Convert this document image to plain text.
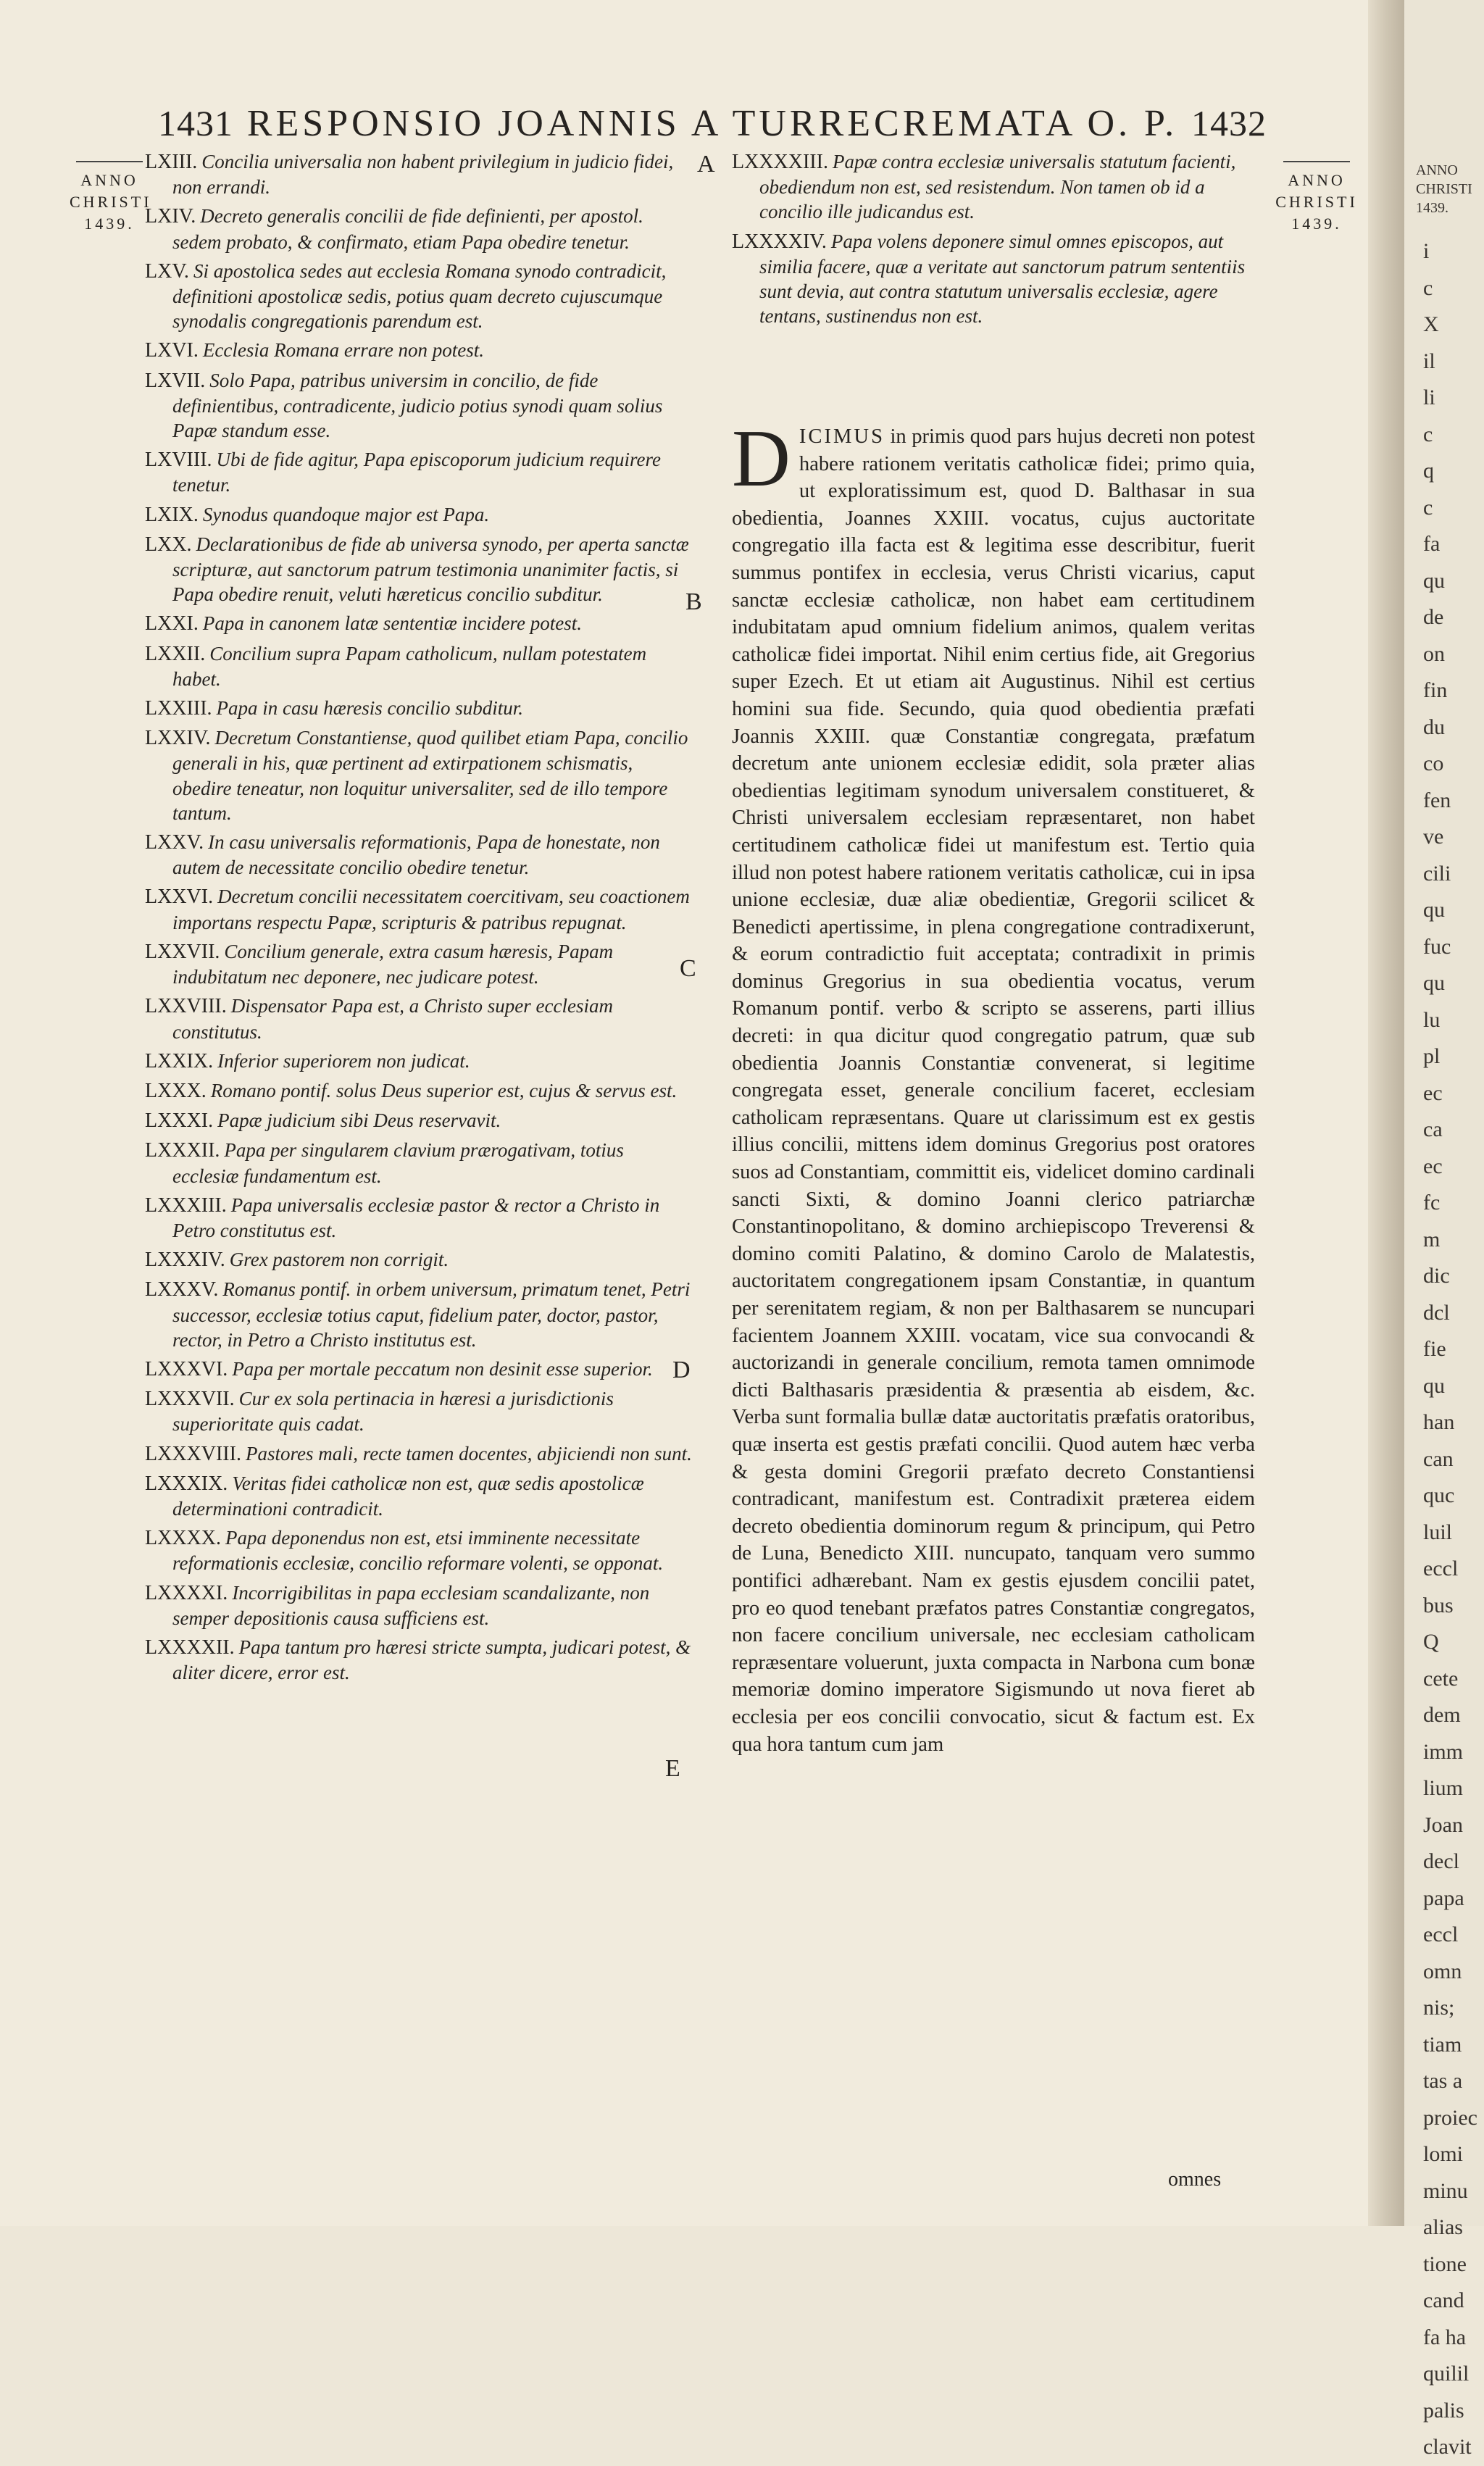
1431 RESPONSIO JOANNIS A TURRECREMATA O. P. 1432
ANNO
CHRISTI
1439.
ANNO
CHRISTI
1439.
A
B
C
D
E
LXIII. Concilia universalia non habent privilegium in judicio fidei, non errandi.
LXIV. Decreto generalis concilii de fide definienti, per apostol. sedem probato, & confirmato, etiam Papa obedire tenetur.
LXV. Si apostolica sedes aut ecclesia Romana synodo contradicit, definitioni apostolicæ sedis, potius quam decreto cujuscumque synodalis congregationis parendum est.
LXVI. Ecclesia Romana errare non potest.
LXVII. Solo Papa, patribus universim in concilio, de fide definientibus, contradicente, judicio potius synodi quam solius Papæ standum esse.
LXVIII. Ubi de fide agitur, Papa episcoporum judicium requirere tenetur.
LXIX. Synodus quandoque major est Papa.
LXX. Declarationibus de fide ab universa synodo, per aperta sanctæ scripturæ, aut sanctorum patrum testimonia unanimiter factis, si Papa obedire renuit, veluti hæreticus concilio subditur.
LXXI. Papa in canonem latæ sententiæ incidere potest.
LXXII. Concilium supra Papam catholicum, nullam potestatem habet.
LXXIII. Papa in casu hæresis concilio subditur.
LXXIV. Decretum Constantiense, quod quilibet etiam Papa, concilio generali in his, quæ pertinent ad extirpationem schismatis, obedire teneatur, non loquitur universaliter, sed de illo tempore tantum.
LXXV. In casu universalis reformationis, Papa de honestate, non autem de necessitate concilio obedire tenetur.
LXXVI. Decretum concilii necessitatem coercitivam, seu coactionem importans respectu Papæ, scripturis & patribus repugnat.
LXXVII. Concilium generale, extra casum hæresis, Papam indubitatum nec deponere, nec judicare potest.
LXXVIII. Dispensator Papa est, a Christo super ecclesiam constitutus.
LXXIX. Inferior superiorem non judicat.
LXXX. Romano pontif. solus Deus superior est, cujus & servus est.
LXXXI. Papæ judicium sibi Deus reservavit.
LXXXII. Papa per singularem clavium prærogativam, totius ecclesiæ fundamentum est.
LXXXIII. Papa universalis ecclesiæ pastor & rector a Christo in Petro constitutus est.
LXXXIV. Grex pastorem non corrigit.
LXXXV. Romanus pontif. in orbem universum, primatum tenet, Petri successor, ecclesiæ totius caput, fidelium pater, doctor, pastor, rector, in Petro a Christo institutus est.
LXXXVI. Papa per mortale peccatum non desinit esse superior.
LXXXVII. Cur ex sola pertinacia in hæresi a jurisdictionis superioritate quis cadat.
LXXXVIII. Pastores mali, recte tamen docentes, abjiciendi non sunt.
LXXXIX. Veritas fidei catholicæ non est, quæ sedis apostolicæ determinationi contradicit.
LXXXX. Papa deponendus non est, etsi imminente necessitate reformationis ecclesiæ, concilio reformare volenti, se opponat.
LXXXXI. Incorrigibilitas in papa ecclesiam scandalizante, non semper depositionis causa sufficiens est.
LXXXXII. Papa tantum pro hæresi stricte sumpta, judicari potest, & aliter dicere, error est.
LXXXXIII. Papæ contra ecclesiæ universalis statutum facienti, obediendum non est, sed resistendum. Non tamen ob id a concilio ille judicandus est.
LXXXXIV. Papa volens deponere simul omnes episcopos, aut similia facere, quæ a veritate aut sanctorum patrum sententiis sunt devia, aut contra statutum universalis ecclesiæ, agere tentans, sustinendus non est.

DICIMUS in primis quod pars hujus decreti non potest habere rationem veritatis catholicæ fidei; primo quia, ut exploratissimum est, quod D. Balthasar in sua obedientia, Joannes XXIII. vocatus, cujus auctoritate congregatio illa facta est & legitima esse describitur, fuerit summus pontifex in ecclesia, verus Christi vicarius, caput sanctæ ecclesiæ catholicæ, non habet eam certitudinem indubitatam apud omnium fidelium animos, qualem veritas catholicæ fidei importat. Nihil enim certius fide, ait Gregorius super Ezech. Et ut etiam ait Augustinus. Nihil est certius homini sua fide. Secundo, quia quod obedientia præfati Joannis XXIII. quæ Constantiæ congregata, præfatum decretum ante unionem ecclesiæ edidit, sola præter alias obedientias legitimam synodum universalem constitueret, & Christi universalem ecclesiam repræsentaret, non habet certitudinem catholicæ fidei ut manifestum est. Tertio quia illud non potest habere rationem veritatis catholicæ, cui in ipsa unione ecclesiæ, duæ aliæ obedientiæ, Gregorii scilicet & Benedicti apertissime, in plena congregatione contradixerunt, & eorum contradictio fuit acceptata; contradixit in primis dominus Gregorius in sua obedientia vocatus, verum Romanum pontif. verbo & scripto se asserens, parti illius decreti: in qua dicitur quod congregatio patrum, quæ sub obedientia Joannis Constantiæ convenerat, si legitime congregata esset, generale concilium faceret, ecclesiam catholicam repræsentans. Quare ut clarissimum est ex gestis illius concilii, mittens idem dominus Gregorius post oratores suos ad Constantiam, committit eis, videlicet domino cardinali sancti Sixti, & domino Joanni clerico patriarchæ Constantinopolitano, & domino archiepiscopo Treverensi & domino comiti Palatino, & domino Carolo de Malatestis, auctoritatem congregationem ipsam Constantiæ, in quantum per serenitatem regiam, & non per Balthasarem se nuncupari facientem Joannem XXIII. vocatam, vice sua convocandi & auctorizandi in generale concilium, remota tamen omnimode dicti Balthasaris præsidentia & præsentia ab eisdem, &c. Verba sunt formalia bullæ datæ auctoritatis præfatis oratoribus, quæ inserta est gestis præfati concilii. Quod autem hæc verba & gesta domini Gregorii præfato decreto Constantiensi contradicant, manifestum est. Contradixit præterea eidem decreto obedientia dominorum regum & principum, qui Petro de Luna, Benedicto XIII. nuncupato, tanquam vero summo pontifici adhærebant. Nam ex gestis ejusdem concilii patet, pro eo quod tenebant præfatos patres Constantiæ congregatos, non facere concilium universale, nec ecclesiam catholicam repræsentare voluerunt, juxta compacta in Narbona cum bonæ memoriæ domino imperatore Sigismundo ut nova fieret ab ecclesia per eos concilii convocatio, sicut & factum est. Ex qua hora tantum cum jam

omnes
ANNO CHRISTI 1439.
i
c
X
il
li
c
q
c
fa
qu
de
on
fin
du
co
fen
ve
cili
qu
fuc
qu
lu
pl
ec
ca
ec
fc
m
dic
dcl
fie
qu
han
can
quc
luil
eccl
bus
Q
cete
dem
imm
lium
Joan
decl
papa
eccl
omn
nis;
tiam
tas a
proiec
lomi
minu
alias
tione
cand
fa ha
quilil
palis
clavit
